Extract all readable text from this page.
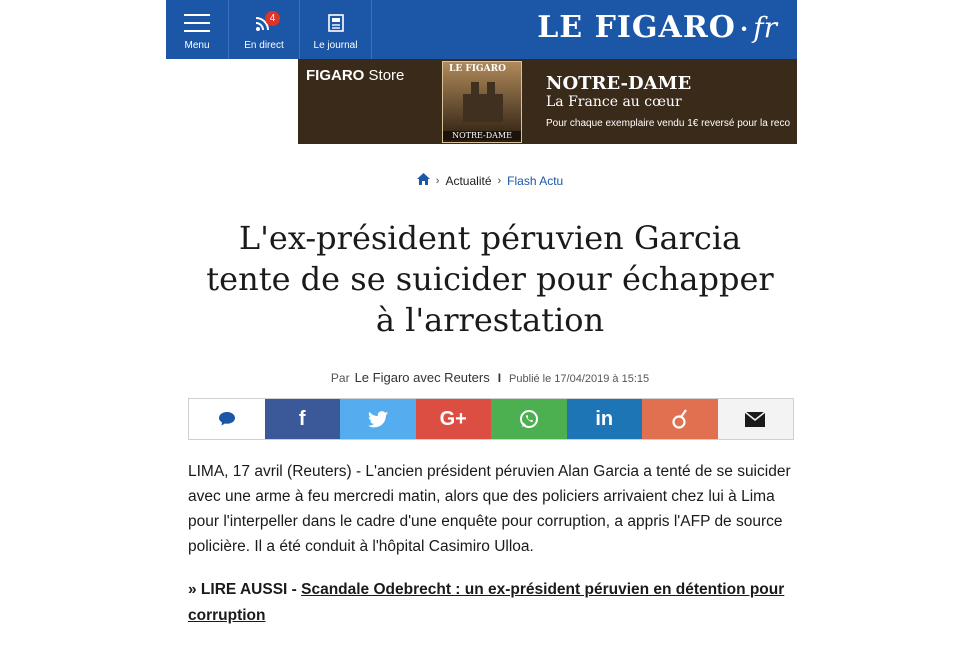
Menu
4
En direct	Le journal
LE FIGARO · fr
FIGARO Store	LE FIGARO
NOTRE-DAME
NOTRE-DAME
La France au cœur
Pour chaque exemplaire vendu 1€ reversé pour la reco
› Actualité › Flash Actu
L'ex-président péruvien Garcia tente de se suicider pour échapper à l'arrestation
Par Le Figaro avec Reuters I Publié le 17/04/2019 à 15:15
f	G+	in

LIMA, 17 avril (Reuters) - L'ancien président péruvien Alan Garcia a tenté de se suicider avec une arme à feu mercredi matin, alors que des policiers arrivaient chez lui à Lima pour l'interpeller dans le cadre d'une enquête pour corruption, a appris l'AFP de source policière. Il a été conduit à l'hôpital Casimiro Ulloa.

» LIRE AUSSI - Scandale Odebrecht : un ex-président péruvien en détention pour corruption
